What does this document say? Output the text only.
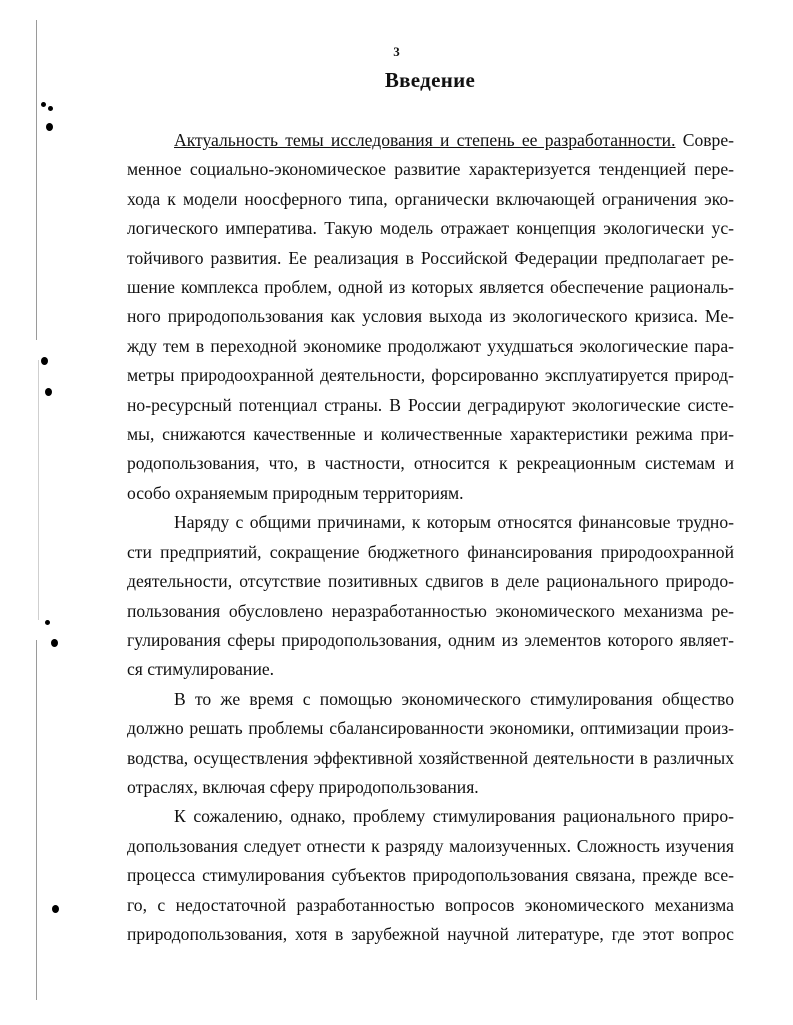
3
Введение
Актуальность темы исследования и степень ее разработанности. Совре-
менное социально-экономическое развитие характеризуется тенденцией пере-
хода к модели ноосферного типа, органически включающей ограничения эко-
логического императива. Такую модель отражает концепция экологически ус-
тойчивого развития. Ее реализация в Российской Федерации предполагает ре-
шение комплекса проблем, одной из которых является обеспечение рациональ-
ного природопользования как условия выхода из экологического кризиса. Ме-
жду тем в переходной экономике продолжают ухудшаться экологические пара-
метры природоохранной деятельности, форсированно эксплуатируется природ-
но-ресурсный потенциал страны. В России деградируют экологические систе-
мы, снижаются качественные и количественные характеристики режима при-
родопользования, что, в частности, относится к рекреационным системам и
особо охраняемым природным территориям.
Наряду с общими причинами, к которым относятся финансовые трудно-
сти предприятий, сокращение бюджетного финансирования природоохранной
деятельности, отсутствие позитивных сдвигов в деле рационального природо-
пользования обусловлено неразработанностью экономического механизма ре-
гулирования сферы природопользования, одним из элементов которого являет-
ся стимулирование.
В то же время с помощью экономического стимулирования общество
должно решать проблемы сбалансированности экономики, оптимизации произ-
водства, осуществления эффективной хозяйственной деятельности в различных
отраслях, включая сферу природопользования.
К сожалению, однако, проблему стимулирования рационального приро-
допользования следует отнести к разряду малоизученных. Сложность изучения
процесса стимулирования субъектов природопользования связана, прежде все-
го, с недостаточной разработанностью вопросов экономического механизма
природопользования, хотя в зарубежной научной литературе, где этот вопрос
